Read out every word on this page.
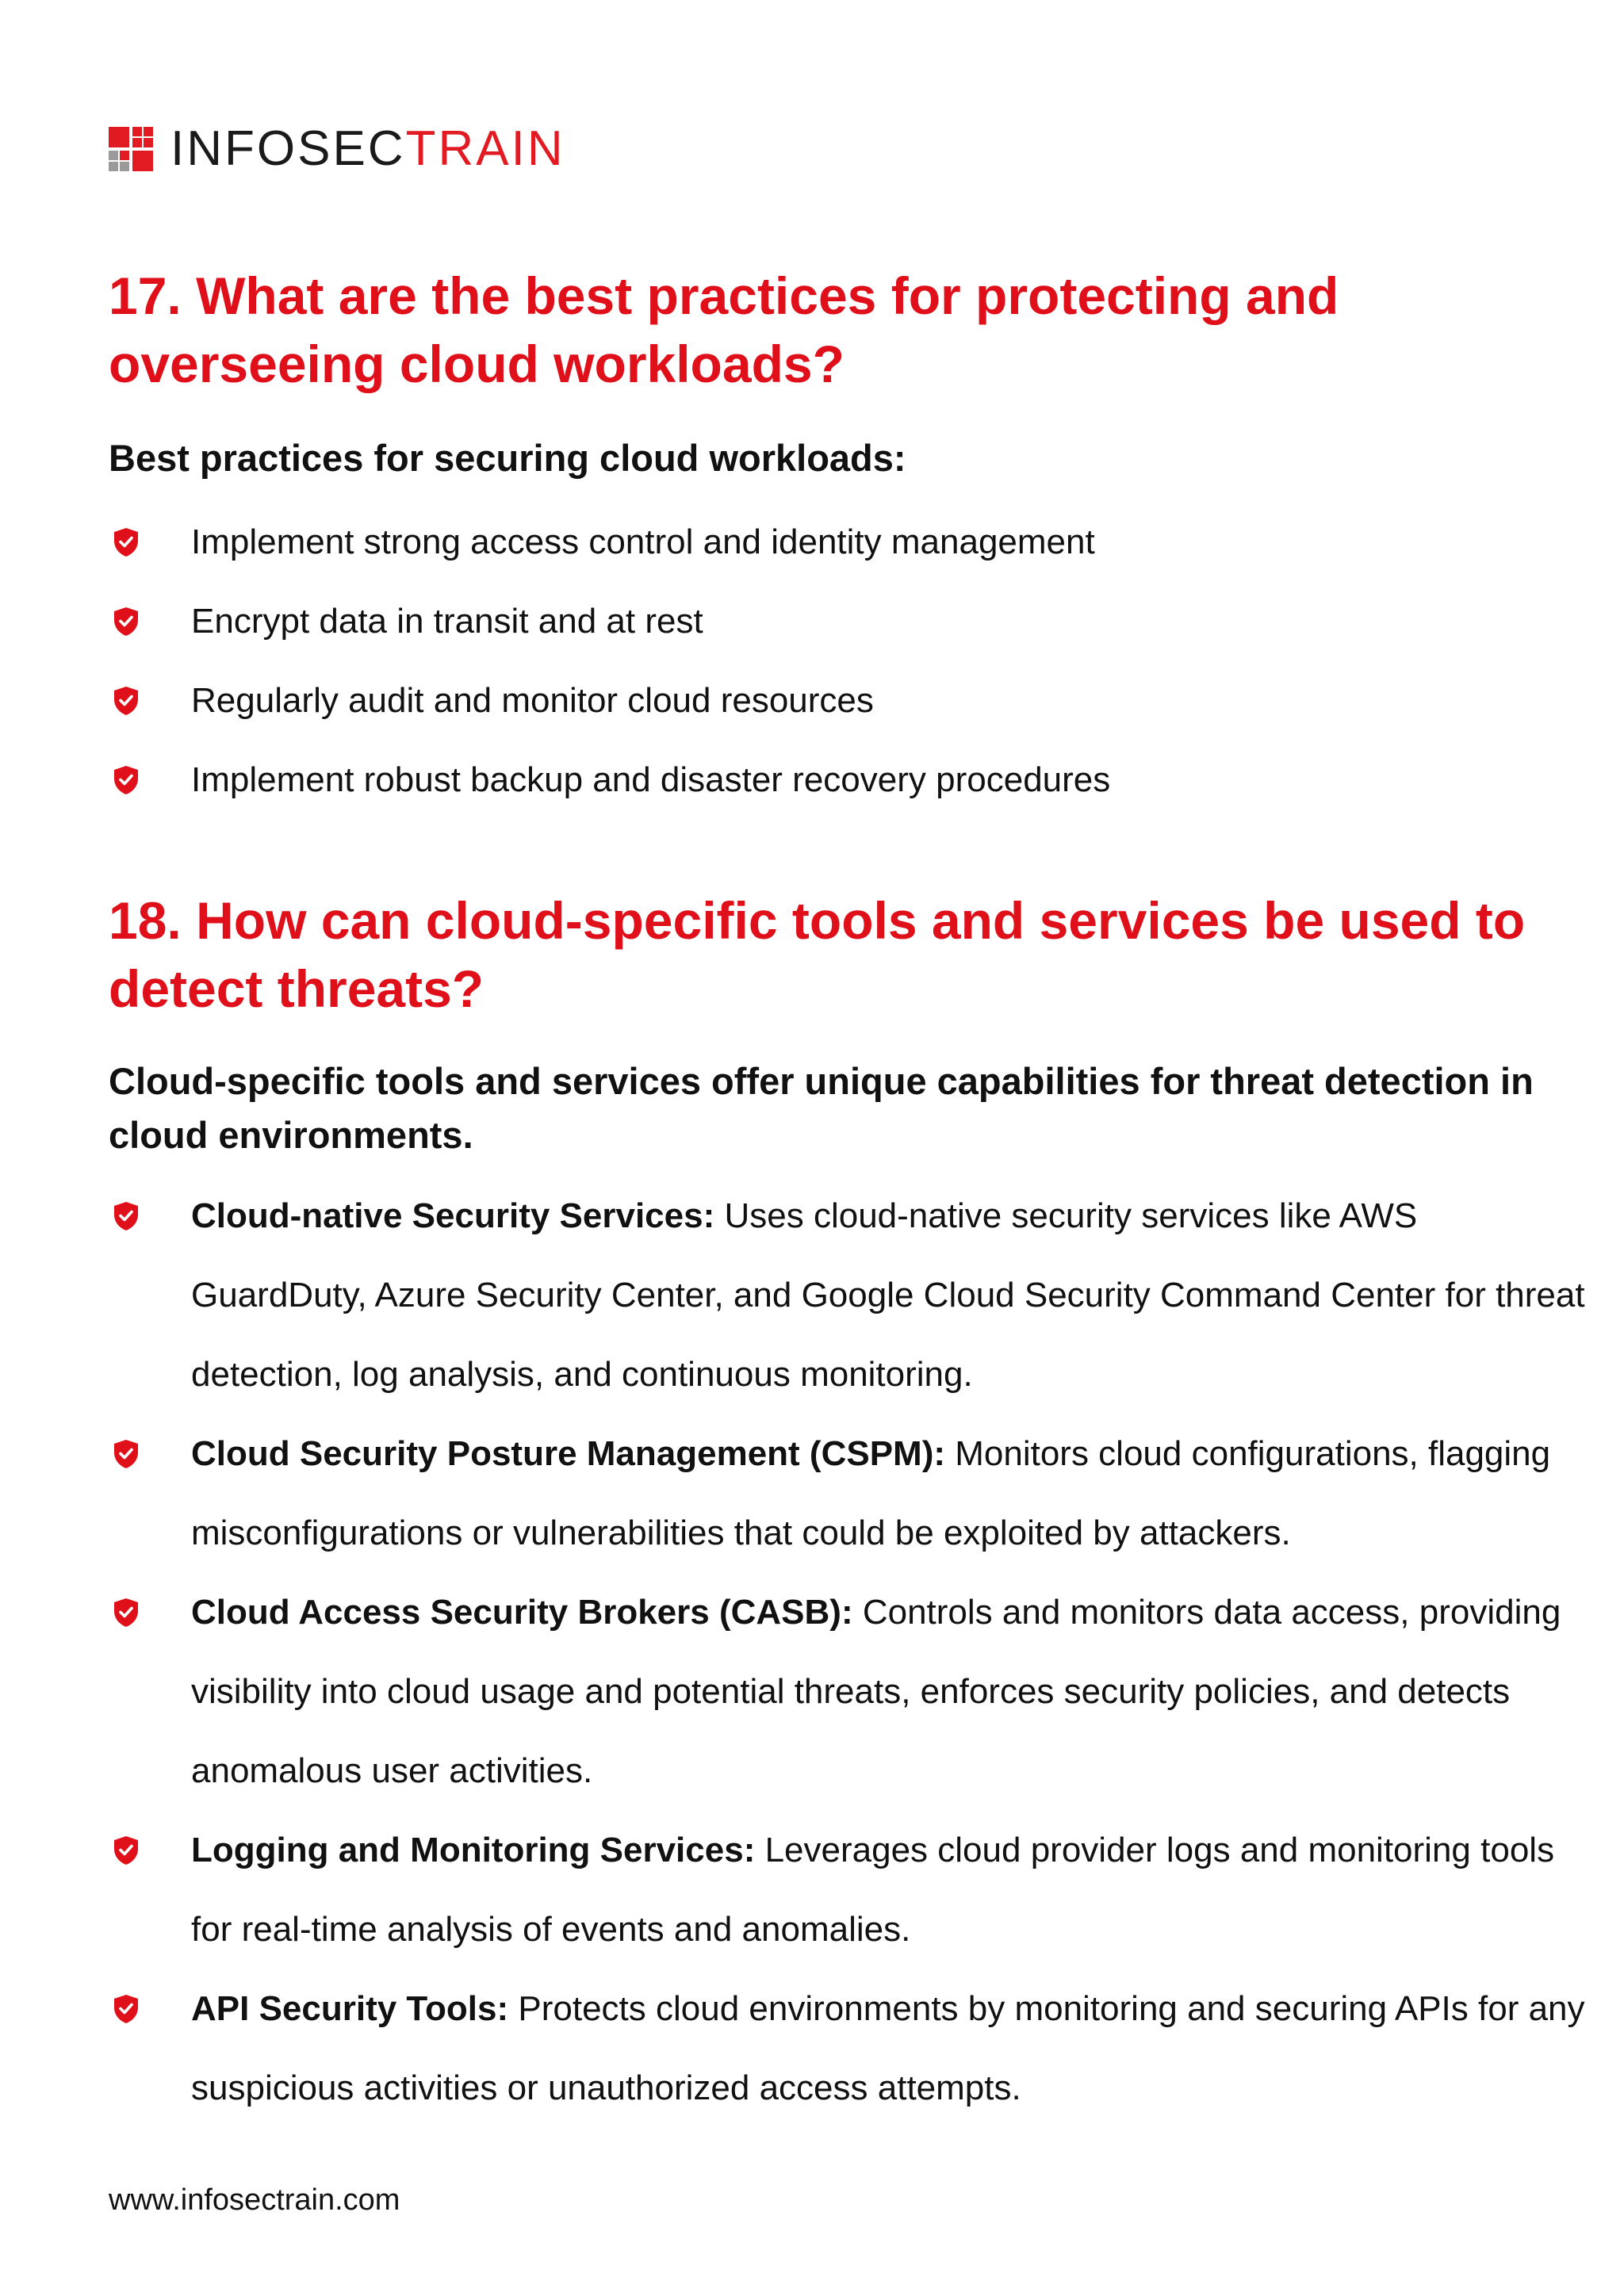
INFOSECTRAIN
17. What are the best practices for protecting and overseeing cloud workloads?

Best practices for securing cloud workloads:

Implement strong access control and identity management
Encrypt data in transit and at rest
Regularly audit and monitor cloud resources
Implement robust backup and disaster recovery procedures
18. How can cloud-specific tools and services be used to detect threats?

Cloud-specific tools and services offer unique capabilities for threat detection in cloud environments.

Cloud-native Security Services: Uses cloud-native security services like AWS GuardDuty, Azure Security Center, and Google Cloud Security Command Center for threat detection, log analysis, and continuous monitoring.
Cloud Security Posture Management (CSPM): Monitors cloud configurations, flagging misconfigurations or vulnerabilities that could be exploited by attackers.
Cloud Access Security Brokers (CASB): Controls and monitors data access, providing visibility into cloud usage and potential threats, enforces security policies, and detects anomalous user activities.
Logging and Monitoring Services: Leverages cloud provider logs and monitoring tools for real-time analysis of events and anomalies.
API Security Tools: Protects cloud environments by monitoring and securing APIs for any suspicious activities or unauthorized access attempts.
www.infosectrain.com
